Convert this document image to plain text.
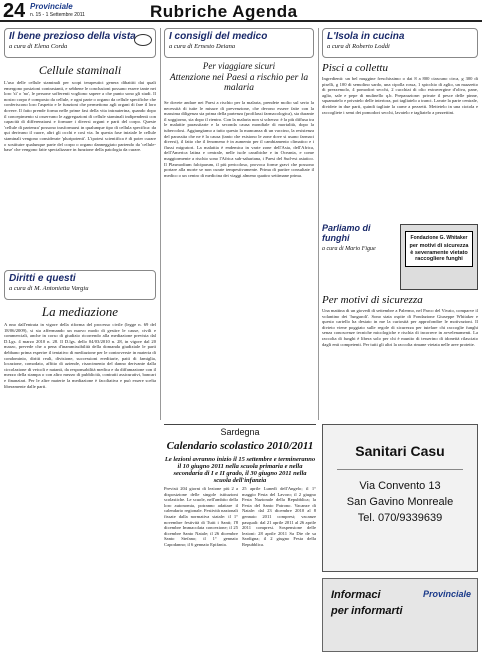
24 Provinciale
n. 15 - 1 Settembre 2011	Rubriche Agenda
Il bene prezioso della vista
a cura di Elena Corda
Cellule staminali
L'uso delle cellule staminali per scopi terapeutici genera dibattiti dai quali emergono posizioni contrastanti, e sebbene le conclusioni possano essere tante nei loro 'sì' o 'no', le persone sofferenti vogliono sapere a che punto sono gli studi. Il nostro corpo è composto da cellule, e ogni parte o organo da cellule specifiche che conferiscono loro l'aspetto e le funzioni che permettono agli organi di fare il loro dovere. Il fatto prende forma nelle prime fasi della vita intrauterina, quando dopo il concepimento si osservano le aggregazioni di cellule staminali indipendenti con capacità di differenziarsi e formare i diversi organi e parti del corpo. Queste 'cellule di partenza' possono trasformarsi in qualunque tipo di cellula specifica: da qui derivano il cuore, altri gli occhi e così via. In questa fase iniziale le cellule staminali vengono considerate 'pluripotenti'. L'ipotesi scientifica è di poter curare o sostituire qualunque parte del corpo o organo danneggiato partendo da 'cellule-base' che vengono fatte specializzare in funzione della patologia da curare.
Diritti e questi
a cura di M. Antonietta Vargiu
La mediazione
A nno dall'entrata in vigore della riforma del processo civile (legge n. 69 del 18/06/2009), si sta affermando un nuovo modo di gestire le cause, civili e commerciali, anche in corso di giudizio ricorrendo alla mediazione prevista dal D.Lgs. 4 marzo 2010 n. 28. Il D.lgs. dello 04/03/2010 n. 28, in vigore dal 20 marzo, prevede che a pena d'inammissibilità della domanda giudiziale le parti debbano prima esperire il tentativo di mediazione per le controversie in materia di condominio, diritti reali, divisione, successioni ereditarie, patti di famiglia, locazione, comodato, affitto di aziende, risarcimento del danno derivante dalla circolazione di veicoli e natanti, da responsabilità medica e da diffamazione con il mezzo della stampa o con altro mezzo di pubblicità, contratti assicurativi, bancari e finanziari. Per le altre materie la mediazione è facoltativa e può essere scelta liberamente dalle parti.
I consigli del medico
a cura di Ernesto Deiana
Per viaggiare sicuri
Attenzione nei Paesi a rischio per la malaria
Se dovete andare nei Paesi a rischio per la malaria, prendete molto sul serio la necessità di tutte le misure di prevenzione, che devono essere fatte con la massima diligenza sia prima della partenza (profilassi farmacologica), sia durante il soggiorno, sia dopo il rientro. Con la malaria non si scherza: è la più diffusa tra le malattie parassitarie e la seconda causa mondiale di mortalità, dopo la tubercolosi. Aggiungiamo a tutto questo la mancanza di un vaccino, la resistenza del parassita che ne è la causa (tanto che esistono le zone dove si usano farmaci diversi), il fatto che il fenomeno è in aumento per il cambiamento climatico e i flussi migratori. La malattia è endemica in varie zone dell'Asia, dell'Africa, dell'America latina e centrale, nelle isole caraibiche e in Oceania, e come maggiormente a rischio sono l'Africa sub-sahariana, i Paesi del Sud-est asiatico. Il Plasmodium falciparum, il più pericoloso, provoca forme gravi che possono portare alla morte se non curate tempestivamente. Prima di partire consultate il medico o un centro di medicina dei viaggi almeno quattro settimane prima.
L'Isola in cucina
a cura di Roberto Loddi
Pisci a collettu
Ingredienti: un bel muggine freschissimo o dai 8 a 800 ciascuno circa, g 300 di piselli, g 100 di semolino sardo, una cipolla rossa, 1 spicchio di aglio, un mazzetto di prezzemolo, 4 pomodori secchi, 2 cucchiai di olio extravergine d'oliva, pane, aglio, sale e pepe di mulinello q.b. Preparazione: private il pesce delle pinne, squamatelo e privatelo delle interiora, poi tagliatelo a tranci. Lavate la parte centrale, dividete in due parti, quindi tagliate la carne a pezzetti. Mettetelo in una ciotola e raccogliete i semi dei pomodori secchi, lavatelo e tagliatelo a pezzettini.
Parliamo di funghi
a cura di Mario Figue
Fondazione G. Whitaker
per motivi di sicurezza è severamente vietato raccogliere funghi
Per motivi di sicurezza
Una mattina di un giovedì di settembre a Palermo, nel Parco del Vivaio, comparve il volantino dei 'fungaroli'. Sono stata ospite di Fondazione Giuseppe Whitaker e questo cartello ha destato in me la curiosità per approfondire le motivazioni. Il divieto viene poggiato sulle regole di sicurezza per tutelare chi raccoglie funghi senza conoscenze tecniche micologiche e rischia di incorrere in avvelenamenti. La raccolta di funghi è libera solo per chi è munito di tesserino di idoneità rilasciato dagli enti competenti. Per tutti gli altri la raccolta rimane vietata nelle aree protette.
Sardegna
Calendario scolastico 2010/2011
Le lezioni avranno inizio il 15 settembre e termineranno il 10 giugno 2011 nella scuola primaria e nella secondaria di I e II grado, il 30 giugno 2011 nella scuola dell'infanzia
Previsti 204 giorni di lezione più 2 a disposizione delle singole istituzioni scolastiche. Le scuole, nell'ambito della loro autonomia, potranno adattare il calendario regionale. Festività nazionali fissate dalla normativa statale: il 1° novembre festività di Tutti i Santi; l'8 dicembre Immacolata concezione; il 25 dicembre Santo Natale; il 26 dicembre Santo Stefano; il 1° gennaio Capodanno; il 6 gennaio Epifania.
25 aprile Lunedì dell'Angelo; il 1° maggio Festa del Lavoro; il 2 giugno Festa Nazionale della Repubblica; la Festa del Santo Patrono. Vacanze di Natale: dal 23 dicembre 2010 al 8 gennaio 2011 compresi; vacanze pasquali: dal 21 aprile 2011 al 26 aprile 2011 compresi. Sospensione delle lezioni: 28 aprile 2011 Sa Die de sa Sardigna; il 2 giugno Festa della Repubblica.
Sanitari Casu
Via Convento 13
San Gavino Monreale
Tel. 070/9339639
Informaci
per informarti
Provinciale
